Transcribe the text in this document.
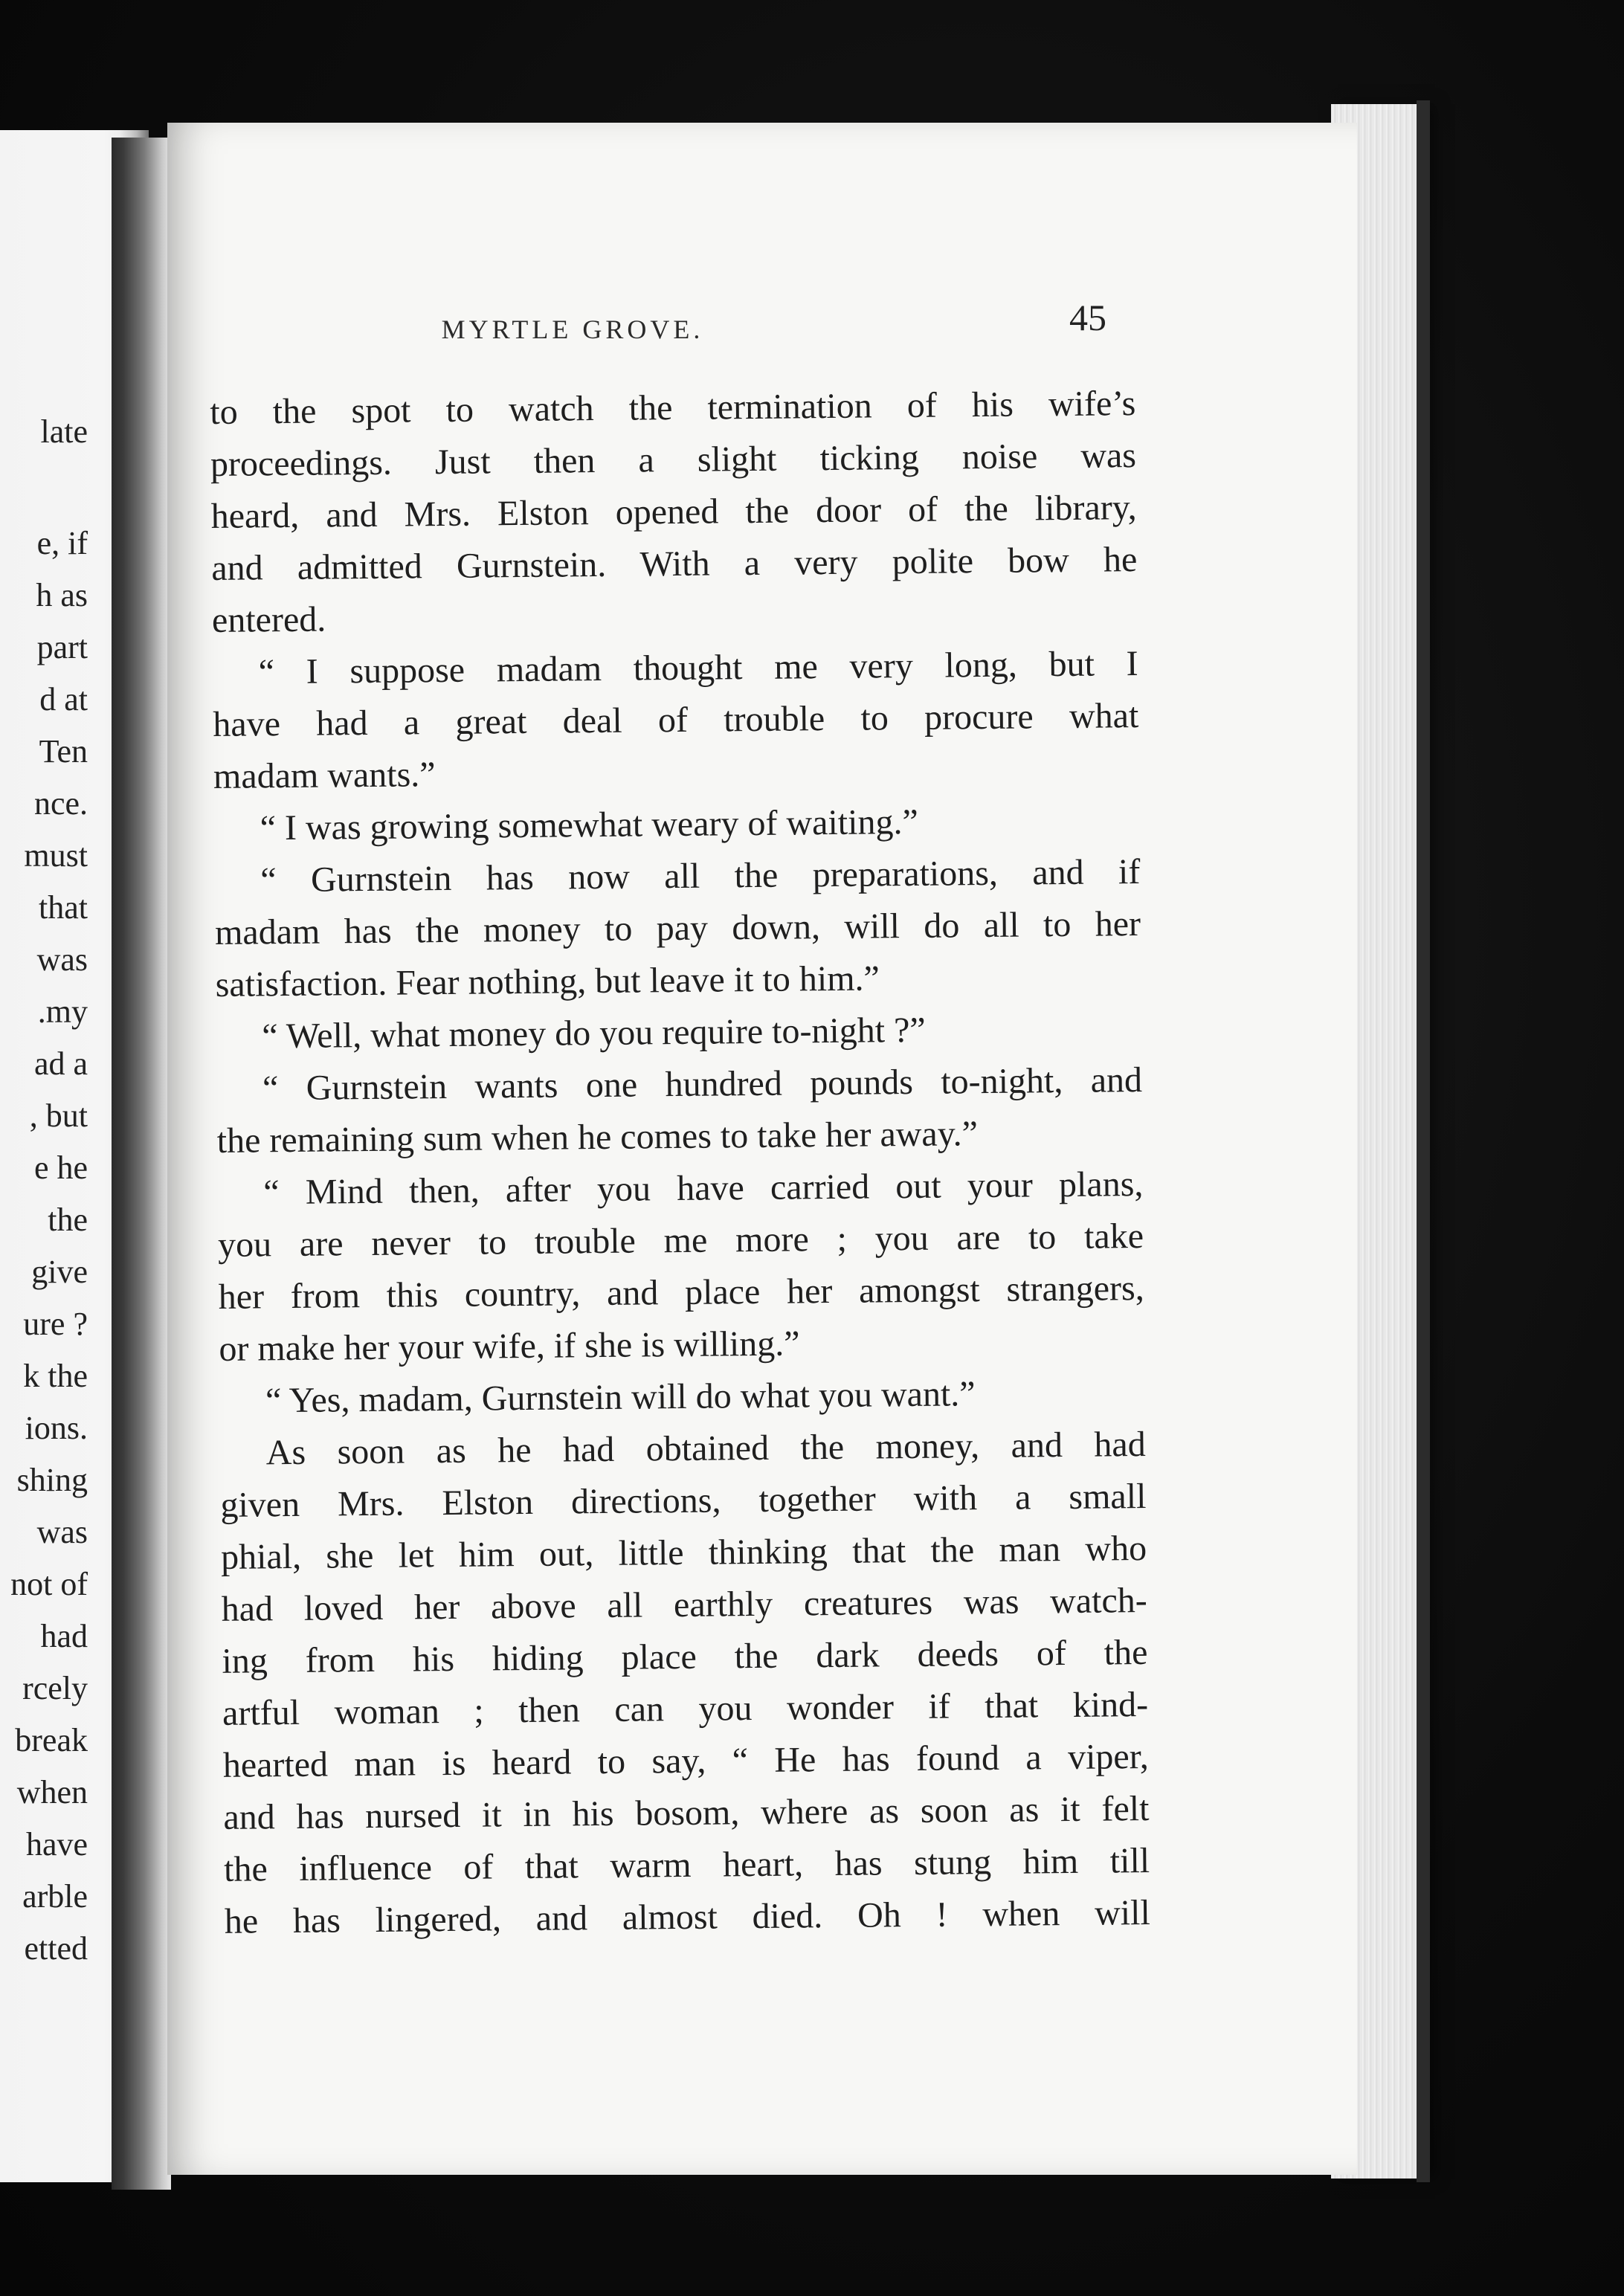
late
e, if
h as
part
d at
Ten
nce.
must
that
was
.my
ad a
, but
e he
the
give
ure ?
k the
ions.
shing
was
not of
had
rcely
break
when
have
arble
etted
MYRTLE GROVE.	45
to the spot to watch the termination of his wife’s
proceedings. Just then a slight ticking noise was
heard, and Mrs. Elston opened the door of the library,
and admitted Gurnstein. With a very polite bow he
entered.
“ I suppose madam thought me very long, but I
have had a great deal of trouble to procure what
madam wants.”
“ I was growing somewhat weary of waiting.”
“ Gurnstein has now all the preparations, and if
madam has the money to pay down, will do all to her
satisfaction. Fear nothing, but leave it to him.”
“ Well, what money do you require to-night ?”
“ Gurnstein wants one hundred pounds to-night, and
the remaining sum when he comes to take her away.”
“ Mind then, after you have carried out your plans,
you are never to trouble me more ; you are to take
her from this country, and place her amongst strangers,
or make her your wife, if she is willing.”
“ Yes, madam, Gurnstein will do what you want.”
As soon as he had obtained the money, and had
given Mrs. Elston directions, together with a small
phial, she let him out, little thinking that the man who
had loved her above all earthly creatures was watch-
ing from his hiding place the dark deeds of the
artful woman ; then can you wonder if that kind-
hearted man is heard to say, “ He has found a viper,
and has nursed it in his bosom, where as soon as it felt
the influence of that warm heart, has stung him till
he has lingered, and almost died. Oh ! when will
